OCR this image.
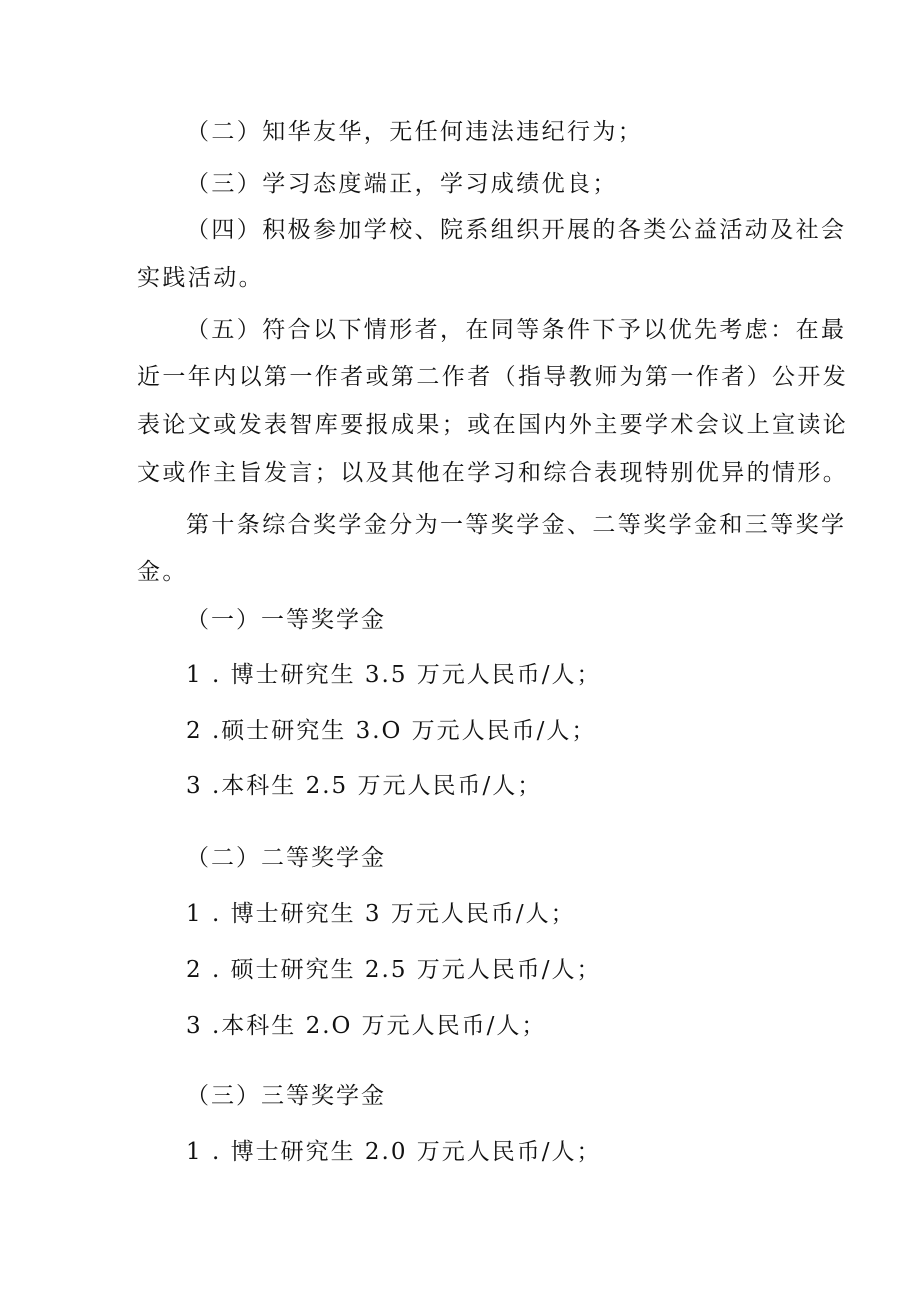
（二）知华友华，无任何违法违纪行为；
（三）学习态度端正，学习成绩优良；
（四）积极参加学校、院系组织开展的各类公益活动及社会
实践活动。
（五）符合以下情形者，在同等条件下予以优先考虑：在最
近一年内以第一作者或第二作者（指导教师为第一作者）公开发
表论文或发表智库要报成果；或在国内外主要学术会议上宣读论
文或作主旨发言；以及其他在学习和综合表现特别优异的情形。
第十条综合奖学金分为一等奖学金、二等奖学金和三等奖学
金。
（一）一等奖学金
1 . 博士研究生 3.5 万元人民币/人；
2 .硕士研究生 3.O 万元人民币/人；
3 .本科生 2.5 万元人民币/人；
（二）二等奖学金
1 . 博士研究生 3 万元人民币/人；
2 . 硕士研究生 2.5 万元人民币/人；
3 .本科生 2.O 万元人民币/人；
（三）三等奖学金
1 . 博士研究生 2.0 万元人民币/人；
